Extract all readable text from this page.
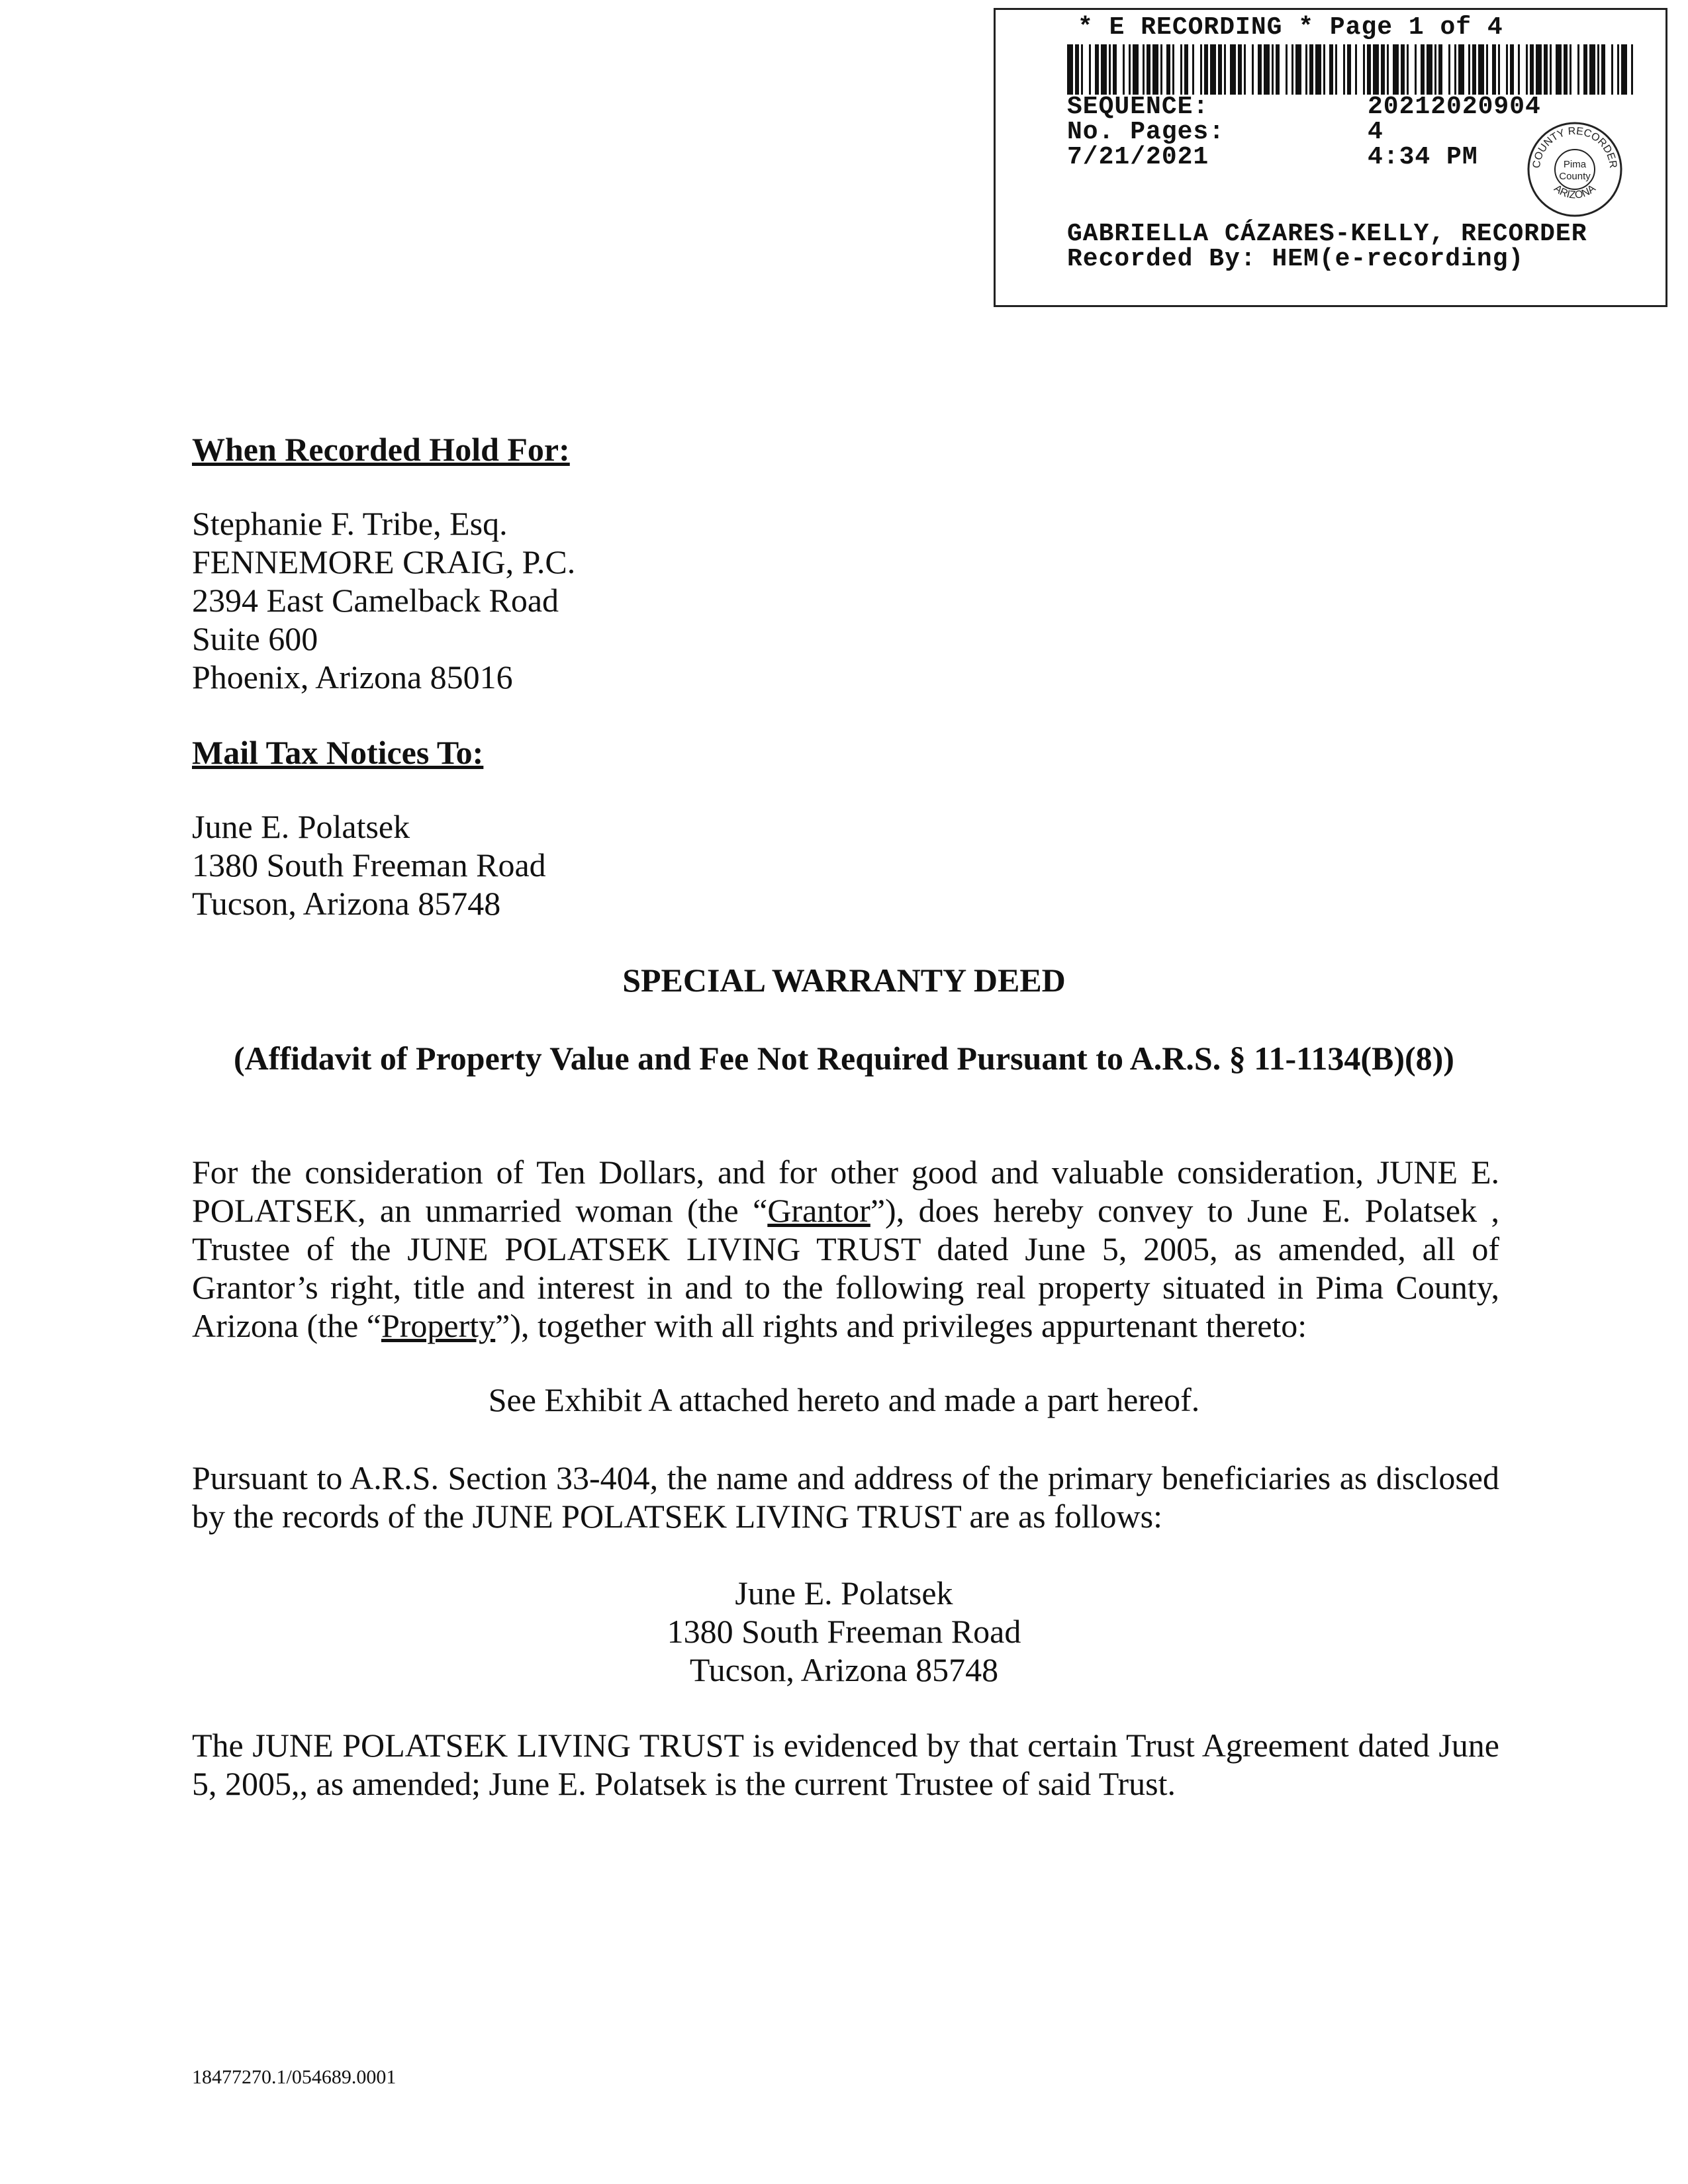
* E RECORDING * Page 1 of 4
SEQUENCE:	20212020904
No. Pages:	4
7/21/2021	4:34 PM	COUNTY RECORDER
ARIZONA
Pima
County
GABRIELLA CÁZARES-KELLY, RECORDER
Recorded By: HEM(e-recording)
When Recorded Hold For:
Stephanie F. Tribe, Esq.
FENNEMORE CRAIG, P.C.
2394 East Camelback Road
Suite 600
Phoenix, Arizona 85016
Mail Tax Notices To:
June E. Polatsek
1380 South Freeman Road
Tucson, Arizona 85748
SPECIAL WARRANTY DEED
(Affidavit of Property Value and Fee Not Required Pursuant to A.R.S. § 11-1134(B)(8))
For the consideration of Ten Dollars, and for other good and valuable consideration, JUNE E. POLATSEK, an unmarried woman (the “Grantor”), does hereby convey to June E. Polatsek , Trustee of the JUNE POLATSEK LIVING TRUST dated June 5, 2005, as amended, all of Grantor’s right, title and interest in and to the following real property situated in Pima County, Arizona (the “Property”), together with all rights and privileges appurtenant thereto:
See Exhibit A attached hereto and made a part hereof.
Pursuant to A.R.S. Section 33-404, the name and address of the primary beneficiaries as disclosed by the records of the JUNE POLATSEK LIVING TRUST are as follows:
June E. Polatsek
1380 South Freeman Road
Tucson, Arizona 85748
The JUNE POLATSEK LIVING TRUST is evidenced by that certain Trust Agreement dated June 5, 2005,, as amended; June E. Polatsek is the current Trustee of said Trust.
18477270.1/054689.0001
